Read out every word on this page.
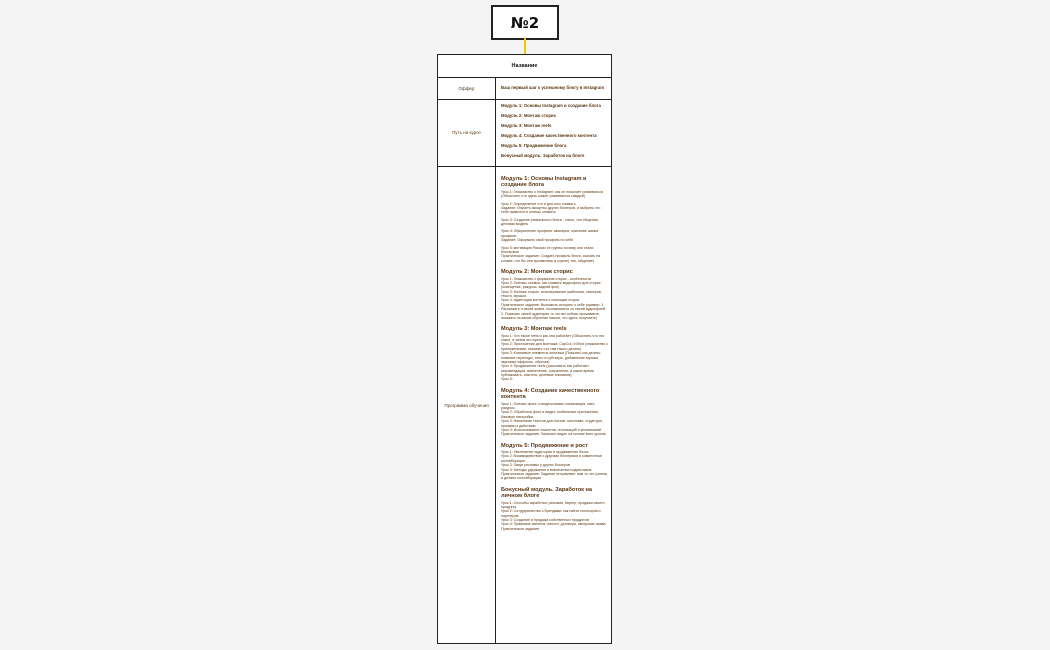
№2
Название
Оффер	Ваш первый шаг к успешному блогу в Instagram
Путь на курсе
Модуль 1: Основы Instagram и создание блога
Модуль 2: Монтаж сторис
Модуль 3: Монтаж reels
Модуль 4: Создание качественного контента
Модуль 5: Продвижение блога
Бонусный модуль: Заработок на блоге
Программа обучения
Модуль 1: Основы Instagram и создание блога
Урок 1: Знакомство с Instagram: как он помогает развиваться
(Объяснить что здесь может развиваться каждый)
Урок 2: Определение что и для кого снимать
Задание: Изучить аккаунты других блогеров, и выбрать что тебе нравится и хочешь снимать
Урок 3: Создание уникального блога , стиль, тон общения, деловая модель
Урок 4: Оформление профиля: аватарка, описание шапка профиля
Задание: Оформить свой профиль по себе
Урок 5: мотивация Рассказ от группы почему они стали блогерами
Практическое задание: Создать профиль блога, сказать на словах, что бы они проявились в группе( топ, общение)
Модуль 2: Монтаж сторис
Урок 1: Знакомство с форматом сторис - особенности
Урок 2: Основы съемки: как снимать видеофото для сторис (освещение, ракурсы, задний фон)
Урок 3: Монтаж сторис: использование шаблонов, стикеров, текста, музыки.
Урок 4: Адаптация контента с помощью сторис
Практическое задание: Выложить историю о себе (пример: 1 Рассказать о своей жизни, познакомится со своей аудиторией. 2. Показать своей аудитории то что вы сейчас проживаете, показать на каком обучении нашли, что здесь получаете)
Модуль 3: Монтаж reels
Урок 1: Что такое reels и как она работает (Объяснить что это такое, и зачем это нужно)
Урок 2: Приложения для монтажа: CapCut, InShot (знакомство с приложениями, показать что там такого делать)
Урок 3: Ключевые элементы монтажа (Показать как делать: плавные переходы, текст и субтитры, добавление музыки, звуковые эффекты, обрезка)
Урок 4: Продвижение reels (рассказать как работают рекомендации, вовлечение, сохранение, в какое время публиковать, хэштеги, целевые описания)
Урок 5:
Модуль 4: Создание качественного контента
Урок 1: Основы фото- и видеосъемки: композиция, свет, ракурсы.
Урок 2: Обработка фото и видео: мобильные приложения, базовые настройки.
Урок 3: Написание текстов для постов: заголовки, структура, призывы к действию.
Урок 4: Использование хэштегов, геолокаций и упоминаний.
Практическое задание: Записать видео на основе всех уроков
Модуль 5: Продвижение и рост
Урок 1: Увеличение аудитории и продвижение блога
Урок 2: Взаимодействие с другими блогерами и совместные коллаборации
Урок 3: Закуп рекламы у других блогеров
Урок 4: Методы удержания и вовлечения подписчиков
Практическое задание: Задание отправляют нам то что узнали, и делают коллаборации
Бонусный модуль. Заработок на личном блоге
Урок 1: Способы заработка: реклама, бартер, продажа своего продукта
Урок 2: Сотрудничество с брендами: как найти спонсоров и партнеров
Урок 3: Создание и продажа собственных продуктов
Урок 4: Правовые аспекты: налоги, договора, авторские права
Практическое задание:
